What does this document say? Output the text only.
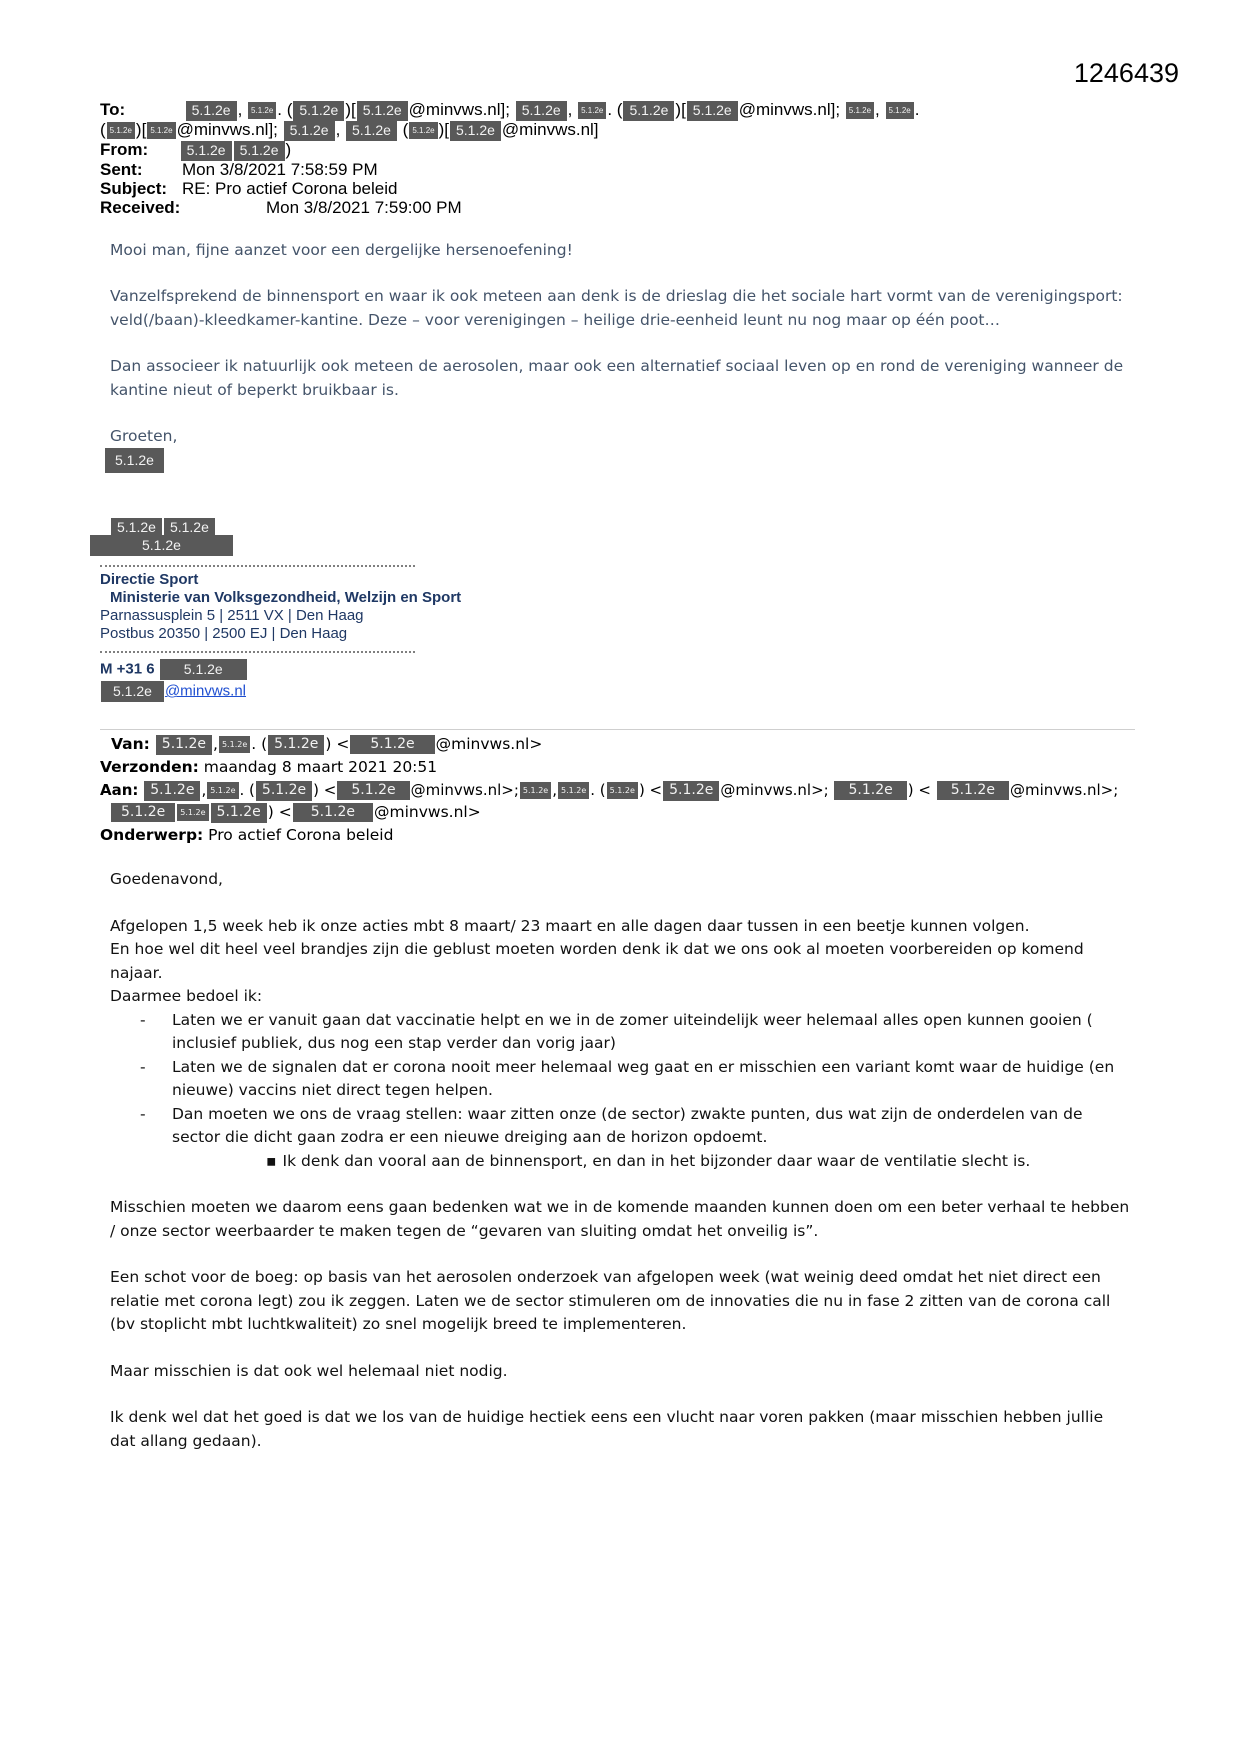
1246439
To:	5.1.2e , 5.1.2e . ( 5.1.2e )[ 5.1.2e @minvws.nl]; 5.1.2e , 5.1.2e . ( 5.1.2e )[ 5.1.2e @minvws.nl]; 5.1.2e , 5.1.2e .
( 5.1.2e )[ 5.1.2e @minvws.nl]; 5.1.2e , 5.1.2e ( 5.1.2e )[ 5.1.2e @minvws.nl]
From:	5.1.2e 5.1.2e )
Sent: Mon 3/8/2021 7:58:59 PM
Subject: RE: Pro actief Corona beleid
Received:	Mon 3/8/2021 7:59:00 PM

Mooi man, fijne aanzet voor een dergelijke hersenoefening!

Vanzelfsprekend de binnensport en waar ik ook meteen aan denk is de drieslag die het sociale hart vormt van de verenigingsport: veld(/baan)-kleedkamer-kantine. Deze – voor verenigingen – heilige drie-eenheid leunt nu nog maar op één poot…

Dan associeer ik natuurlijk ook meteen de aerosolen, maar ook een alternatief sociaal leven op en rond de vereniging wanneer de kantine nieut of beperkt bruikbaar is.

Groeten,

5.1.2e
5.1.2e 5.1.2e
5.1.2e
Directie Sport
Ministerie van Volksgezondheid, Welzijn en Sport
Parnassusplein 5 | 2511 VX | Den Haag
Postbus 20350 | 2500 EJ | Den Haag
M +31 6 5.1.2e
5.1.2e @minvws.nl
Van: 5.1.2e , 5.1.2e . ( 5.1.2e ) < 5.1.2e @minvws.nl>
Verzonden: maandag 8 maart 2021 20:51
Aan: 5.1.2e , 5.1.2e . ( 5.1.2e ) < 5.1.2e @minvws.nl>; 5.1.2e , 5.1.2e . ( 5.1.2e ) < 5.1.2e @minvws.nl>; 5.1.2e ) < 5.1.2e @minvws.nl>;
5.1.2e 5.1.2e 5.1.2e ) < 5.1.2e @minvws.nl>
Onderwerp: Pro actief Corona beleid

Goedenavond,

Afgelopen 1,5 week heb ik onze acties mbt 8 maart/ 23 maart en alle dagen daar tussen in een beetje kunnen volgen.
En hoe wel dit heel veel brandjes zijn die geblust moeten worden denk ik dat we ons ook al moeten voorbereiden op komend najaar.
Daarmee bedoel ik:
- Laten we er vanuit gaan dat vaccinatie helpt en we in de zomer uiteindelijk weer helemaal alles open kunnen gooien ( inclusief publiek, dus nog een stap verder dan vorig jaar)
- Laten we de signalen dat er corona nooit meer helemaal weg gaat en er misschien een variant komt waar de huidige (en nieuwe) vaccins niet direct tegen helpen.
- Dan moeten we ons de vraag stellen: waar zitten onze (de sector) zwakte punten, dus wat zijn de onderdelen van de sector die dicht gaan zodra er een nieuwe dreiging aan de horizon opdoemt.
▪ Ik denk dan vooral aan de binnensport, en dan in het bijzonder daar waar de ventilatie slecht is.

Misschien moeten we daarom eens gaan bedenken wat we in de komende maanden kunnen doen om een beter verhaal te hebben / onze sector weerbaarder te maken tegen de “gevaren van sluiting omdat het onveilig is”.

Een schot voor de boeg: op basis van het aerosolen onderzoek van afgelopen week (wat weinig deed omdat het niet direct een relatie met corona legt) zou ik zeggen. Laten we de sector stimuleren om de innovaties die nu in fase 2 zitten van de corona call (bv stoplicht mbt luchtkwaliteit) zo snel mogelijk breed te implementeren.

Maar misschien is dat ook wel helemaal niet nodig.

Ik denk wel dat het goed is dat we los van de huidige hectiek eens een vlucht naar voren pakken (maar misschien hebben jullie dat allang gedaan).
